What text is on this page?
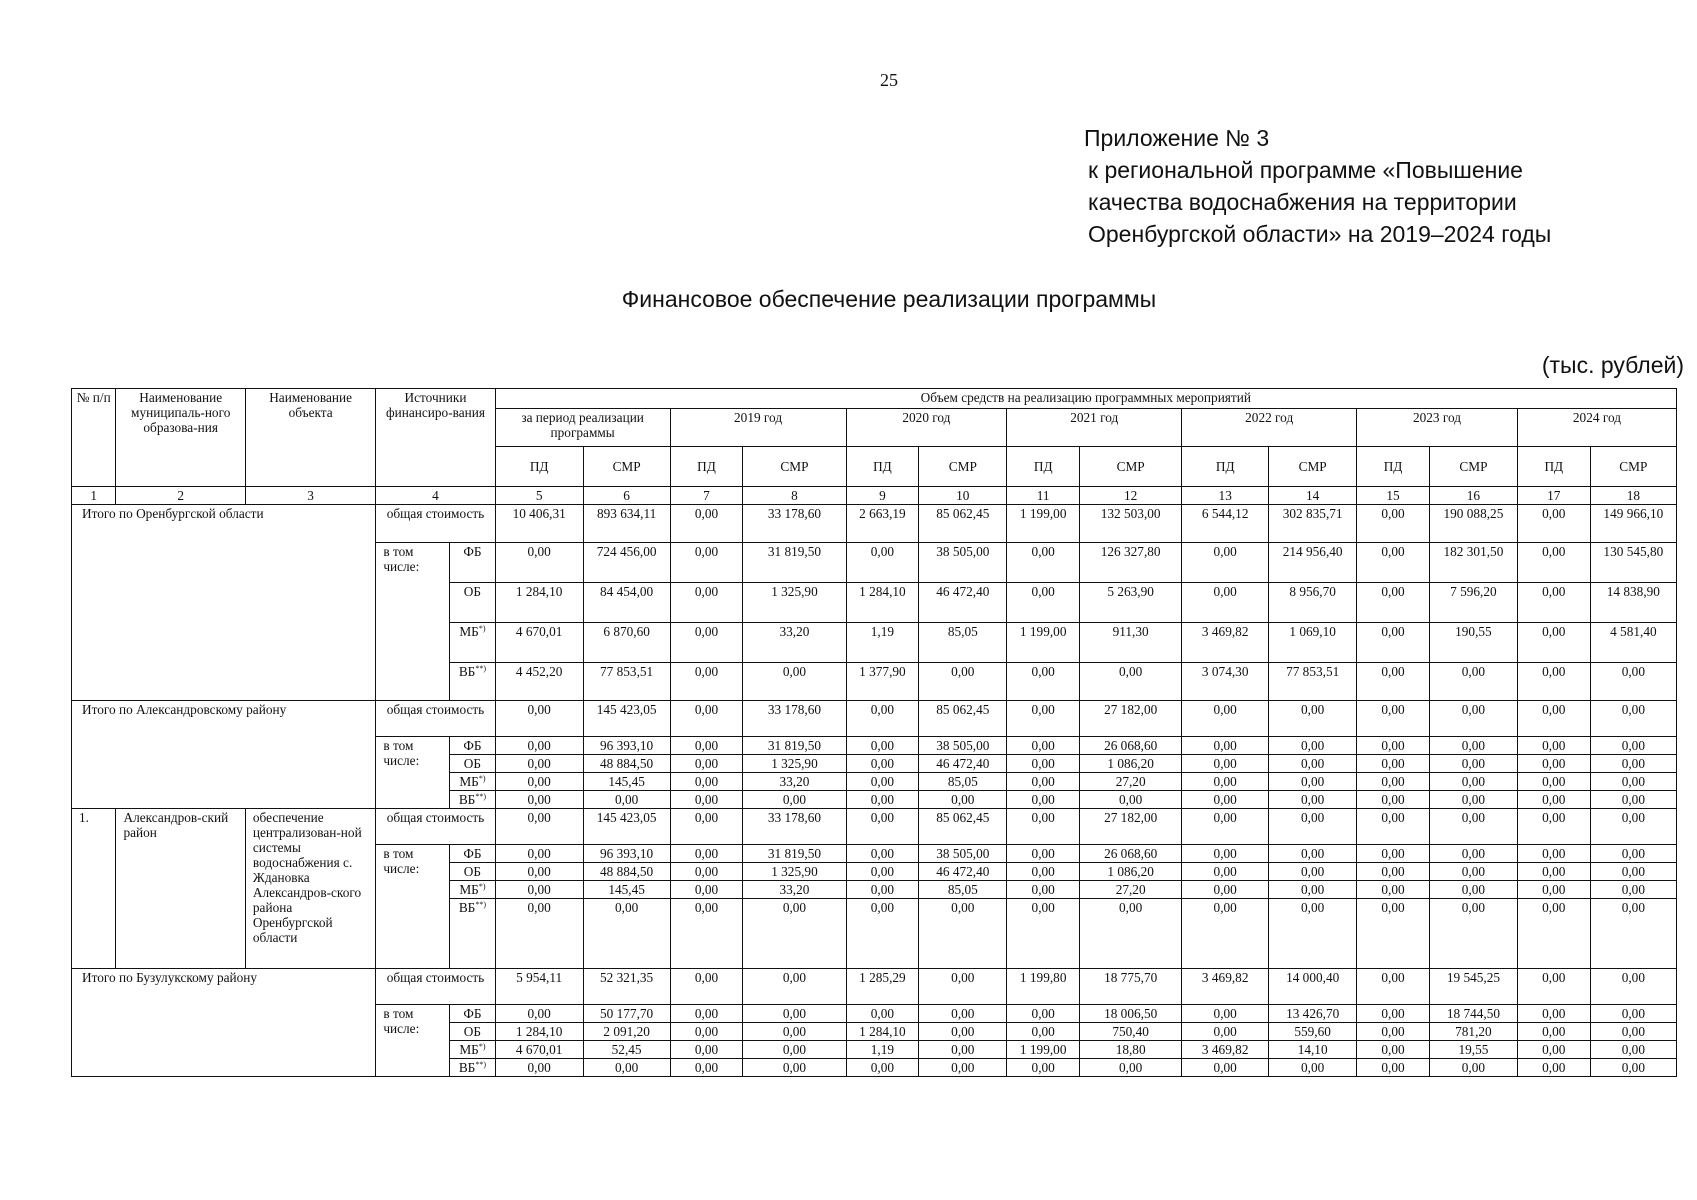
25
Приложение № 3
к региональной программе «Повышение
качества водоснабжения на территории
Оренбургской области» на 2019–2024 годы
Финансовое обеспечение реализации программы
(тыс. рублей)
№ п/п	Наименование муниципаль-ного образова-ния	Наименование объекта	Источники финансиро-вания		Объем средств на реализацию программных мероприятий													
					за период реализации программы		2019 год		2020 год		2021 год		2022 год		2023 год		2024 год	
					ПД	СМР	ПД	СМР	ПД	СМР	ПД	СМР	ПД	СМР	ПД	СМР	ПД	СМР
1	2	3	4		5	6	7	8	9	10	11	12	13	14	15	16	17	18
Итого по Оренбургской области			общая стоимость		10 406,31	893 634,11	0,00	33 178,60	2 663,19	85 062,45	1 199,00	132 503,00	6 544,12	302 835,71	0,00	190 088,25	0,00	149 966,10
			в том числе:	ФБ	0,00	724 456,00	0,00	31 819,50	0,00	38 505,00	0,00	126 327,80	0,00	214 956,40	0,00	182 301,50	0,00	130 545,80
				ОБ	1 284,10	84 454,00	0,00	1 325,90	1 284,10	46 472,40	0,00	5 263,90	0,00	8 956,70	0,00	7 596,20	0,00	14 838,90
				МБ*)	4 670,01	6 870,60	0,00	33,20	1,19	85,05	1 199,00	911,30	3 469,82	1 069,10	0,00	190,55	0,00	4 581,40
				ВБ**)	4 452,20	77 853,51	0,00	0,00	1 377,90	0,00	0,00	0,00	3 074,30	77 853,51	0,00	0,00	0,00	0,00
Итого по Александровскому району			общая стоимость		0,00	145 423,05	0,00	33 178,60	0,00	85 062,45	0,00	27 182,00	0,00	0,00	0,00	0,00	0,00	0,00
			в том числе:	ФБ	0,00	96 393,10	0,00	31 819,50	0,00	38 505,00	0,00	26 068,60	0,00	0,00	0,00	0,00	0,00	0,00
				ОБ	0,00	48 884,50	0,00	1 325,90	0,00	46 472,40	0,00	1 086,20	0,00	0,00	0,00	0,00	0,00	0,00
				МБ*)	0,00	145,45	0,00	33,20	0,00	85,05	0,00	27,20	0,00	0,00	0,00	0,00	0,00	0,00
				ВБ**)	0,00	0,00	0,00	0,00	0,00	0,00	0,00	0,00	0,00	0,00	0,00	0,00	0,00	0,00
1.	Александров-ский район	обеспечение централизован-ной системы водоснабжения с. Ждановка Александров-ского района Оренбургской области	общая стоимость		0,00	145 423,05	0,00	33 178,60	0,00	85 062,45	0,00	27 182,00	0,00	0,00	0,00	0,00	0,00	0,00
			в том числе:	ФБ	0,00	96 393,10	0,00	31 819,50	0,00	38 505,00	0,00	26 068,60	0,00	0,00	0,00	0,00	0,00	0,00
				ОБ	0,00	48 884,50	0,00	1 325,90	0,00	46 472,40	0,00	1 086,20	0,00	0,00	0,00	0,00	0,00	0,00
				МБ*)	0,00	145,45	0,00	33,20	0,00	85,05	0,00	27,20	0,00	0,00	0,00	0,00	0,00	0,00
				ВБ**)	0,00	0,00	0,00	0,00	0,00	0,00	0,00	0,00	0,00	0,00	0,00	0,00	0,00	0,00
Итого по Бузулукскому району			общая стоимость		5 954,11	52 321,35	0,00	0,00	1 285,29	0,00	1 199,80	18 775,70	3 469,82	14 000,40	0,00	19 545,25	0,00	0,00
			в том числе:	ФБ	0,00	50 177,70	0,00	0,00	0,00	0,00	0,00	18 006,50	0,00	13 426,70	0,00	18 744,50	0,00	0,00
				ОБ	1 284,10	2 091,20	0,00	0,00	1 284,10	0,00	0,00	750,40	0,00	559,60	0,00	781,20	0,00	0,00
				МБ*)	4 670,01	52,45	0,00	0,00	1,19	0,00	1 199,00	18,80	3 469,82	14,10	0,00	19,55	0,00	0,00
				ВБ**)	0,00	0,00	0,00	0,00	0,00	0,00	0,00	0,00	0,00	0,00	0,00	0,00	0,00	0,00
